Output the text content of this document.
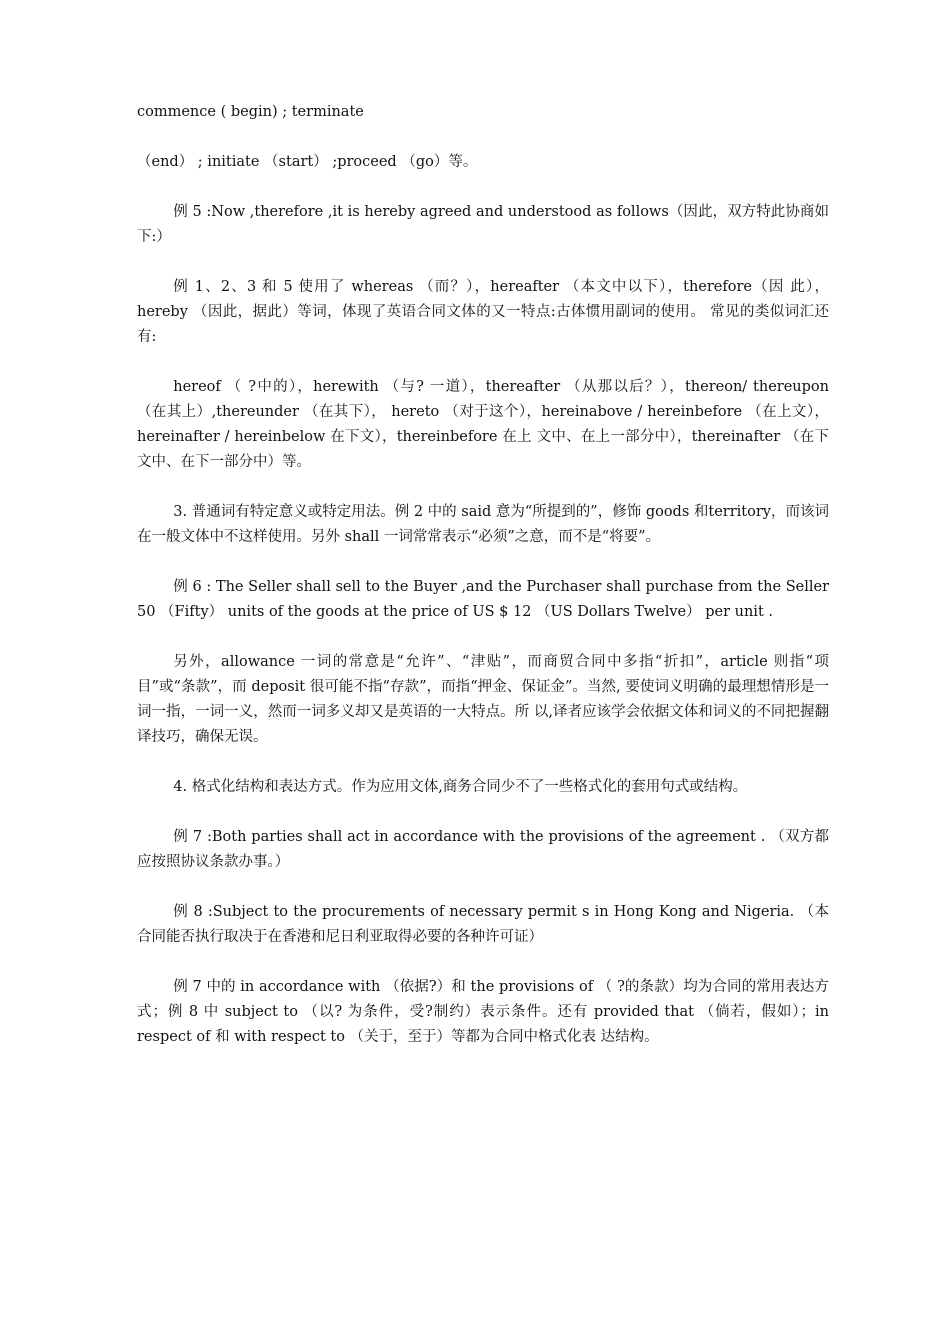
commence ( begin) ; terminate

（end） ; initiate （start） ;proceed （go）等。

例 5 :Now ,therefore ,it is hereby agreed and understood as follows（因此，双方特此协商如下:）

例 1、2、3 和 5 使用了 whereas （而？），hereafter （本文中以下），therefore（因 此），hereby （因此，据此）等词，体现了英语合同文体的又一特点:古体惯用副词的使用。 常见的类似词汇还有:

hereof （ ?中的），herewith （与? 一道），thereafter （从那以后？），thereon/ thereupon （在其上）,thereunder （在其下）， hereto （对于这个），hereinabove / hereinbefore （在上文），hereinafter / hereinbelow 在下文），thereinbefore 在上 文中、在上一部分中），thereinafter （在下文中、在下一部分中）等。

3. 普通词有特定意义或特定用法。例 2 中的 said 意为“所提到的”，修饰 goods 和territory，而该词在一般文体中不这样使用。另外 shall 一词常常表示“必须”之意，而不是“将要”。

例 6 : The Seller shall sell to the Buyer ,and the Purchaser shall purchase from the Seller 50 （Fifty） units of the goods at the price of US $ 12 （US Dollars Twelve） per unit .

另外，allowance 一词的常意是“允许”、“津贴”，而商贸合同中多指“折扣”，article 则指“项目”或“条款”，而 deposit 很可能不指“存款”，而指“押金、保证金”。当然, 要使词义明确的最理想情形是一词一指，一词一义，然而一词多义却又是英语的一大特点。所 以,译者应该学会依据文体和词义的不同把握翻译技巧，确保无误。

4. 格式化结构和表达方式。作为应用文体,商务合同少不了一些格式化的套用句式或结构。

例 7 :Both parties shall act in accordance with the provisions of the agreement . （双方都应按照协议条款办事。）

例 8 :Subject to the procurements of necessary permit s in Hong Kong and Nigeria. （本合同能否执行取决于在香港和尼日利亚取得必要的各种许可证）

例 7 中的 in accordance with （依据?）和 the provisions of （ ?的条款）均为合同的常用表达方式；例 8 中 subject to （以? 为条件，受?制约）表示条件。还有 provided that （倘若，假如）；in respect of 和 with respect to （关于，至于）等都为合同中格式化表 达结构。
